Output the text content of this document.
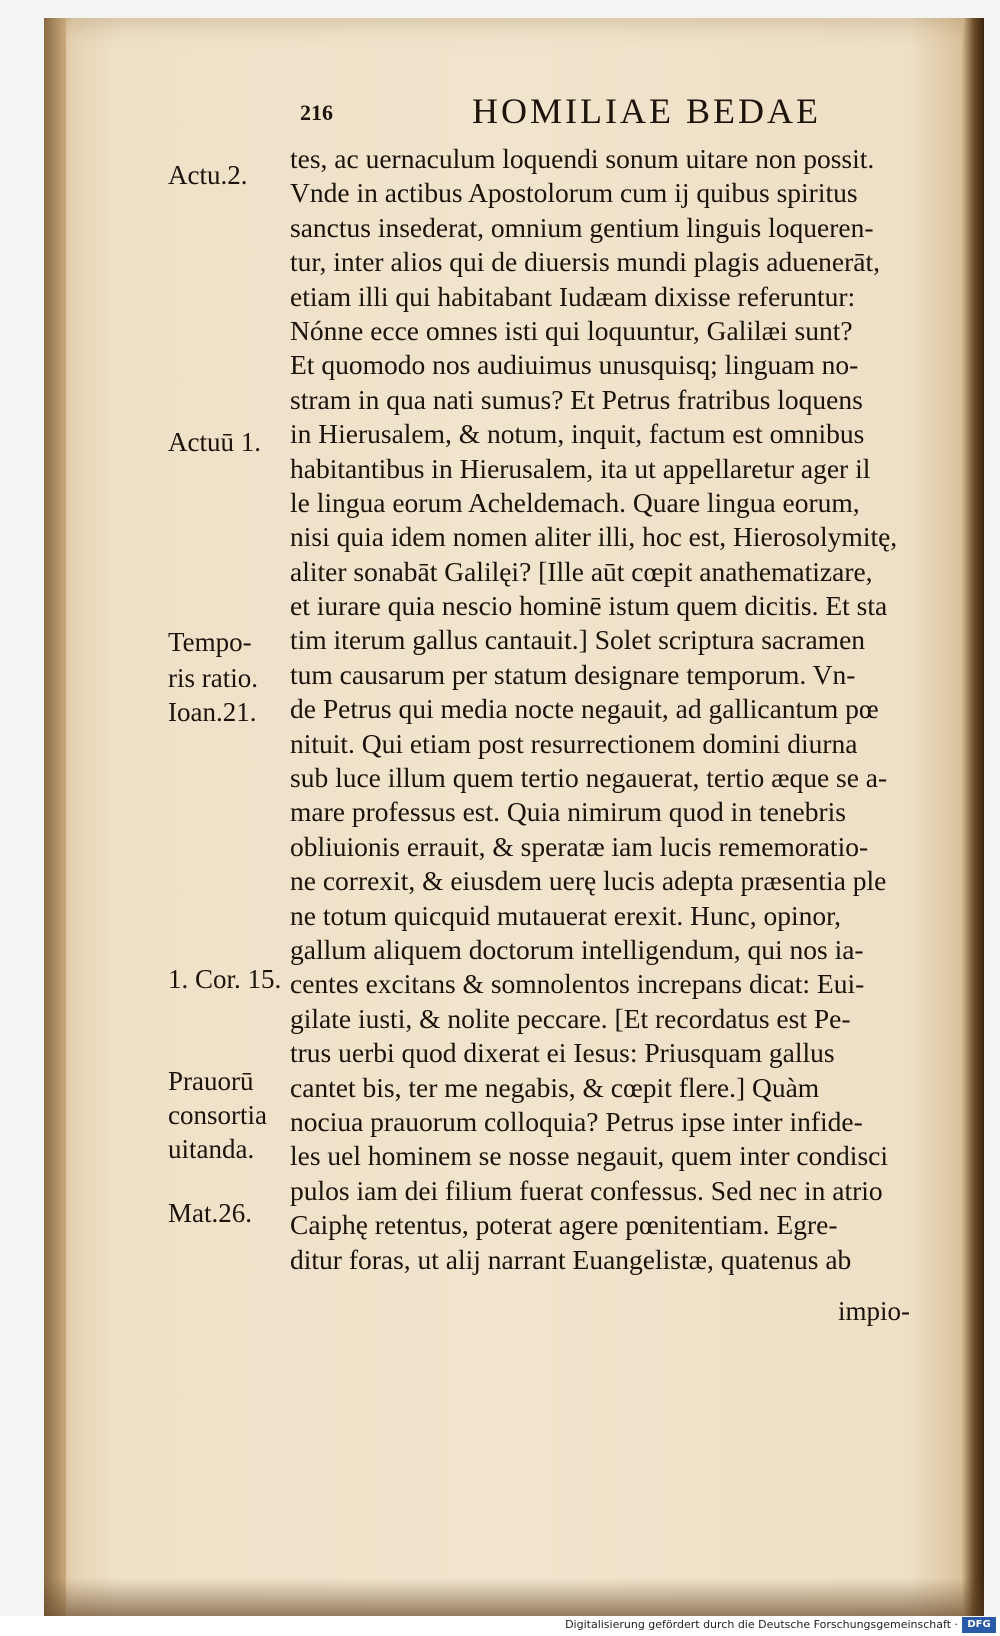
216	HOMILIAE BEDAE
Actu.2.
Actuū 1.
Tempo-
ris ratio.
Ioan.21.
1. Cor. 15.
Prauorū
consortia
uitanda.
Mat.26.
tes, ac uernaculum loquendi sonum uitare non possit.
Vnde in actibus Apostolorum cum ij quibus spiritus
sanctus insederat, omnium gentium linguis loqueren-
tur, inter alios qui de diuersis mundi plagis aduenerāt,
etiam illi qui habitabant Iudæam dixisse referuntur:
Nónne ecce omnes isti qui loquuntur, Galilæi sunt?
Et quomodo nos audiuimus unusquisq; linguam no-
stram in qua nati sumus? Et Petrus fratribus loquens
in Hierusalem, & notum, inquit, factum est omnibus
habitantibus in Hierusalem, ita ut appellaretur ager il
le lingua eorum Acheldemach. Quare lingua eorum,
nisi quia idem nomen aliter illi, hoc est, Hierosolymitę,
aliter sonabāt Galilęi? [Ille aūt cœpit anathematizare,
et iurare quia nescio hominē istum quem dicitis. Et sta
tim iterum gallus cantauit.] Solet scriptura sacramen
tum causarum per statum designare temporum. Vn-
de Petrus qui media nocte negauit, ad gallicantum pœ
nituit. Qui etiam post resurrectionem domini diurna
sub luce illum quem tertio negauerat, tertio æque se a-
mare professus est. Quia nimirum quod in tenebris
obliuionis errauit, & speratæ iam lucis rememoratio-
ne correxit, & eiusdem uerę lucis adepta præsentia ple
ne totum quicquid mutauerat erexit. Hunc, opinor,
gallum aliquem doctorum intelligendum, qui nos ia-
centes excitans & somnolentos increpans dicat: Eui-
gilate iusti, & nolite peccare. [Et recordatus est Pe-
trus uerbi quod dixerat ei Iesus: Priusquam gallus
cantet bis, ter me negabis, & cœpit flere.] Quàm
nociua prauorum colloquia? Petrus ipse inter infide-
les uel hominem se nosse negauit, quem inter condisci
pulos iam dei filium fuerat confessus. Sed nec in atrio
Caiphę retentus, poterat agere pœnitentiam. Egre-
ditur foras, ut alij narrant Euangelistæ, quatenus ab
impio-
Digitalisierung gefördert durch die Deutsche Forschungsgemeinschaft · DFG
